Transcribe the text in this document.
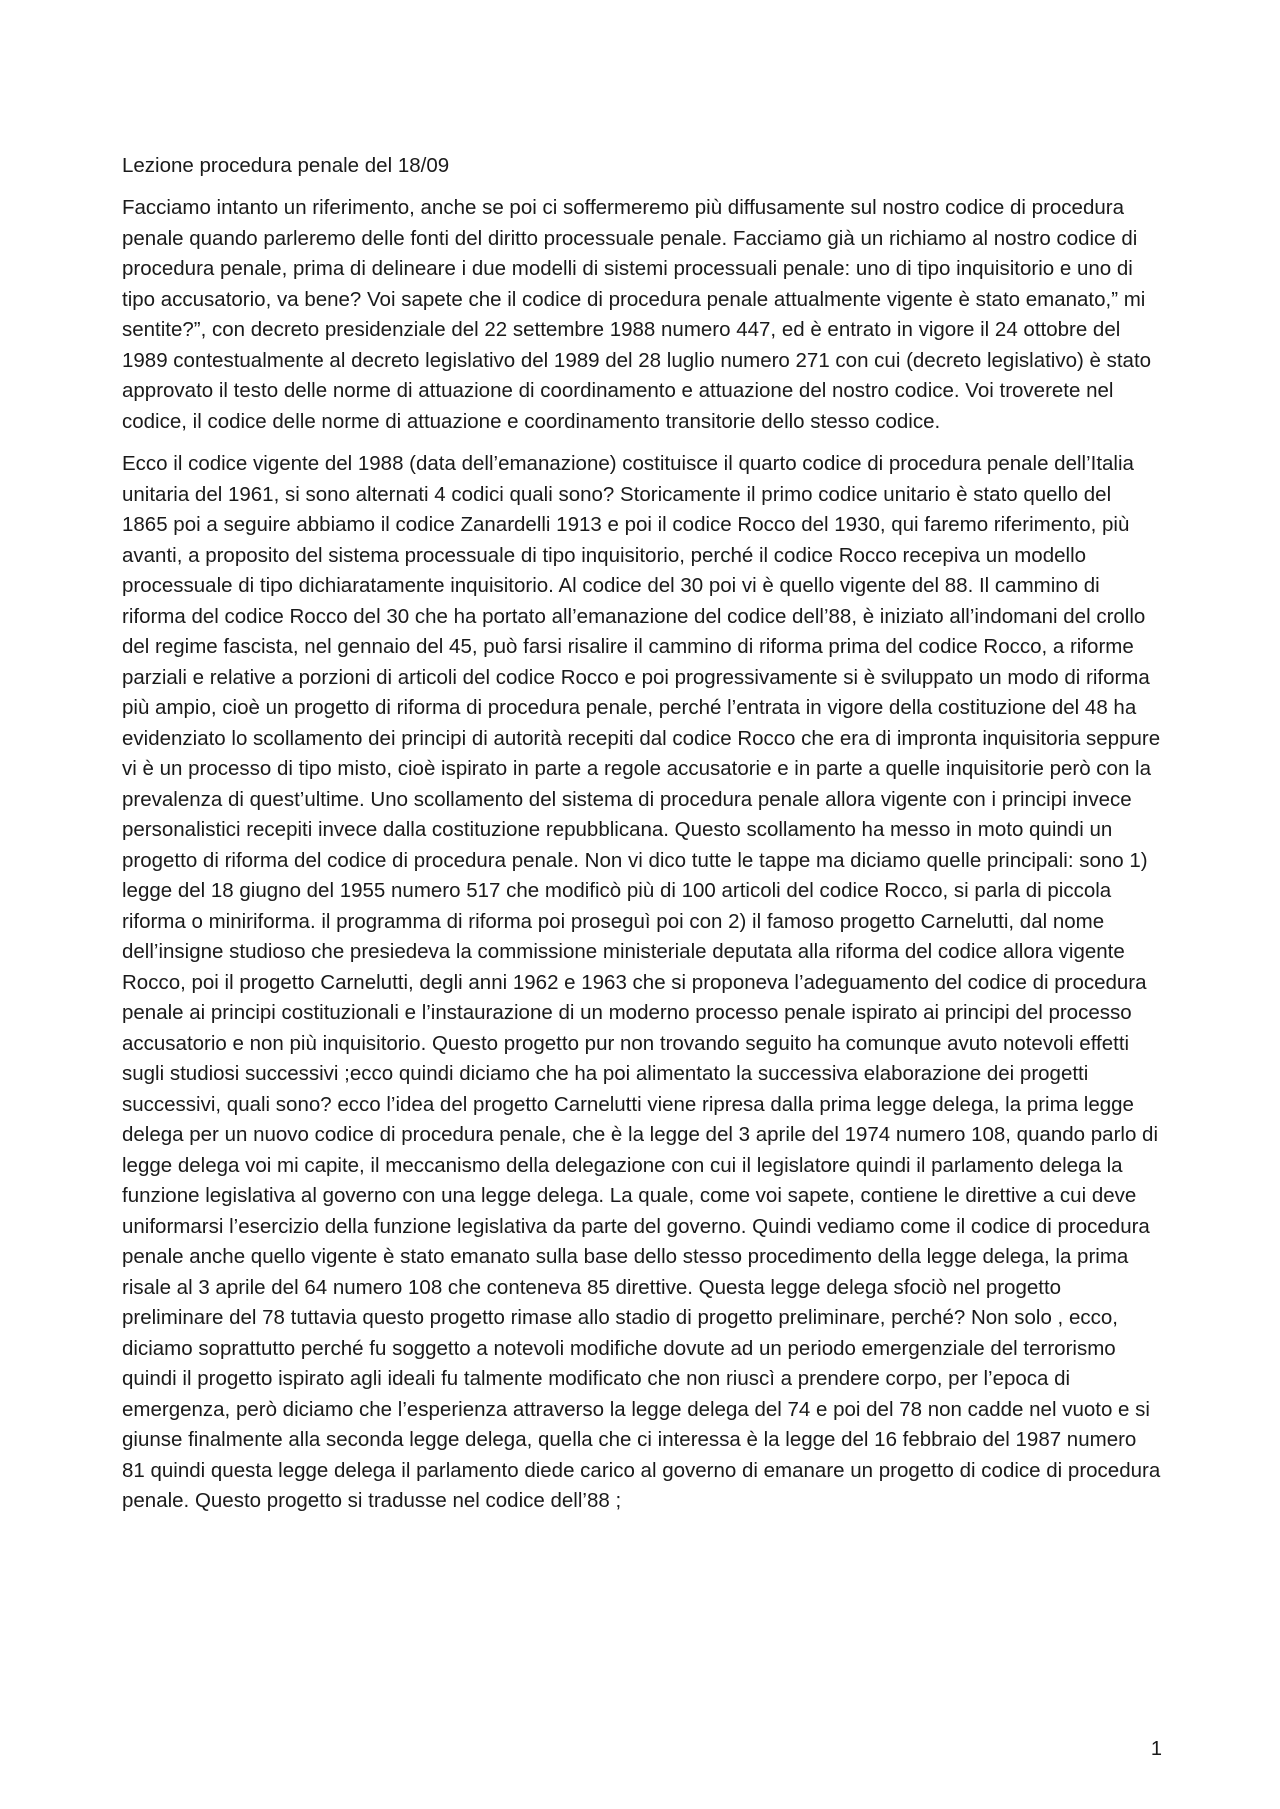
Lezione procedura penale del 18/09

Facciamo intanto un riferimento, anche se poi ci soffermeremo più diffusamente sul nostro codice di procedura penale quando parleremo delle fonti del diritto processuale penale. Facciamo già un richiamo al nostro codice di procedura penale, prima di delineare i due modelli di sistemi processuali penale: uno di tipo inquisitorio e uno di tipo accusatorio, va bene? Voi sapete che il codice di procedura penale attualmente vigente è stato emanato,” mi sentite?”, con decreto presidenziale del 22 settembre 1988 numero 447, ed è entrato in vigore il 24 ottobre del 1989 contestualmente al decreto legislativo del 1989 del 28 luglio numero 271 con cui (decreto legislativo) è stato approvato il testo delle norme di attuazione di coordinamento e attuazione del nostro codice. Voi troverete nel codice, il codice delle norme di attuazione e coordinamento transitorie dello stesso codice.

Ecco il codice vigente del 1988 (data dell’emanazione) costituisce il quarto codice di procedura penale dell’Italia unitaria del 1961, si sono alternati 4 codici quali sono? Storicamente il primo codice unitario è stato quello del 1865 poi a seguire abbiamo il codice Zanardelli 1913 e poi il codice Rocco del 1930, qui faremo riferimento, più avanti, a proposito del sistema processuale di tipo inquisitorio, perché il codice Rocco recepiva un modello processuale di tipo dichiaratamente inquisitorio. Al codice del 30 poi vi è quello vigente del 88. Il cammino di riforma del codice Rocco del 30 che ha portato all’emanazione del codice dell’88, è iniziato all’indomani del crollo del regime fascista, nel gennaio del 45, può farsi risalire il cammino di riforma prima del codice Rocco, a riforme parziali e relative a porzioni di articoli del codice Rocco e poi progressivamente si è sviluppato un modo di riforma più ampio, cioè un progetto di riforma di procedura penale, perché l’entrata in vigore della costituzione del 48 ha evidenziato lo scollamento dei principi di autorità recepiti dal codice Rocco che era di impronta inquisitoria seppure vi è un processo di tipo misto, cioè ispirato in parte a regole accusatorie e in parte a quelle inquisitorie però con la prevalenza di quest’ultime. Uno scollamento del sistema di procedura penale allora vigente con i principi invece personalistici recepiti invece dalla costituzione repubblicana. Questo scollamento ha messo in moto quindi un progetto di riforma del codice di procedura penale. Non vi dico tutte le tappe ma diciamo quelle principali: sono 1) legge del 18 giugno del 1955 numero 517 che modificò più di 100 articoli del codice Rocco, si parla di piccola riforma o miniriforma. il programma di riforma poi proseguì poi con 2) il famoso progetto Carnelutti, dal nome dell’insigne studioso che presiedeva la commissione ministeriale deputata alla riforma del codice allora vigente Rocco, poi il progetto Carnelutti, degli anni 1962 e 1963 che si proponeva l’adeguamento del codice di procedura penale ai principi costituzionali e l’instaurazione di un moderno processo penale ispirato ai principi del processo accusatorio e non più inquisitorio. Questo progetto pur non trovando seguito ha comunque avuto notevoli effetti sugli studiosi successivi ;ecco quindi diciamo che ha poi alimentato la successiva elaborazione dei progetti successivi, quali sono? ecco l’idea del progetto Carnelutti viene ripresa dalla prima legge delega, la prima legge delega per un nuovo codice di procedura penale, che è la legge del 3 aprile del 1974 numero 108, quando parlo di legge delega voi mi capite, il meccanismo della delegazione con cui il legislatore quindi il parlamento delega la funzione legislativa al governo con una legge delega. La quale, come voi sapete, contiene le direttive a cui deve uniformarsi l’esercizio della funzione legislativa da parte del governo. Quindi vediamo come il codice di procedura penale anche quello vigente è stato emanato sulla base dello stesso procedimento della legge delega, la prima risale al 3 aprile del 64 numero 108 che conteneva 85 direttive. Questa legge delega sfociò nel progetto preliminare del 78 tuttavia questo progetto rimase allo stadio di progetto preliminare, perché? Non solo , ecco, diciamo soprattutto perché fu soggetto a notevoli modifiche dovute ad un periodo emergenziale del terrorismo quindi il progetto ispirato agli ideali fu talmente modificato che non riuscì a prendere corpo, per l’epoca di emergenza, però diciamo che l’esperienza attraverso la legge delega del 74 e poi del 78 non cadde nel vuoto e si giunse finalmente alla seconda legge delega, quella che ci interessa è la legge del 16 febbraio del 1987 numero 81 quindi questa legge delega il parlamento diede carico al governo di emanare un progetto di codice di procedura penale. Questo progetto si tradusse nel codice dell’88 ;

1
